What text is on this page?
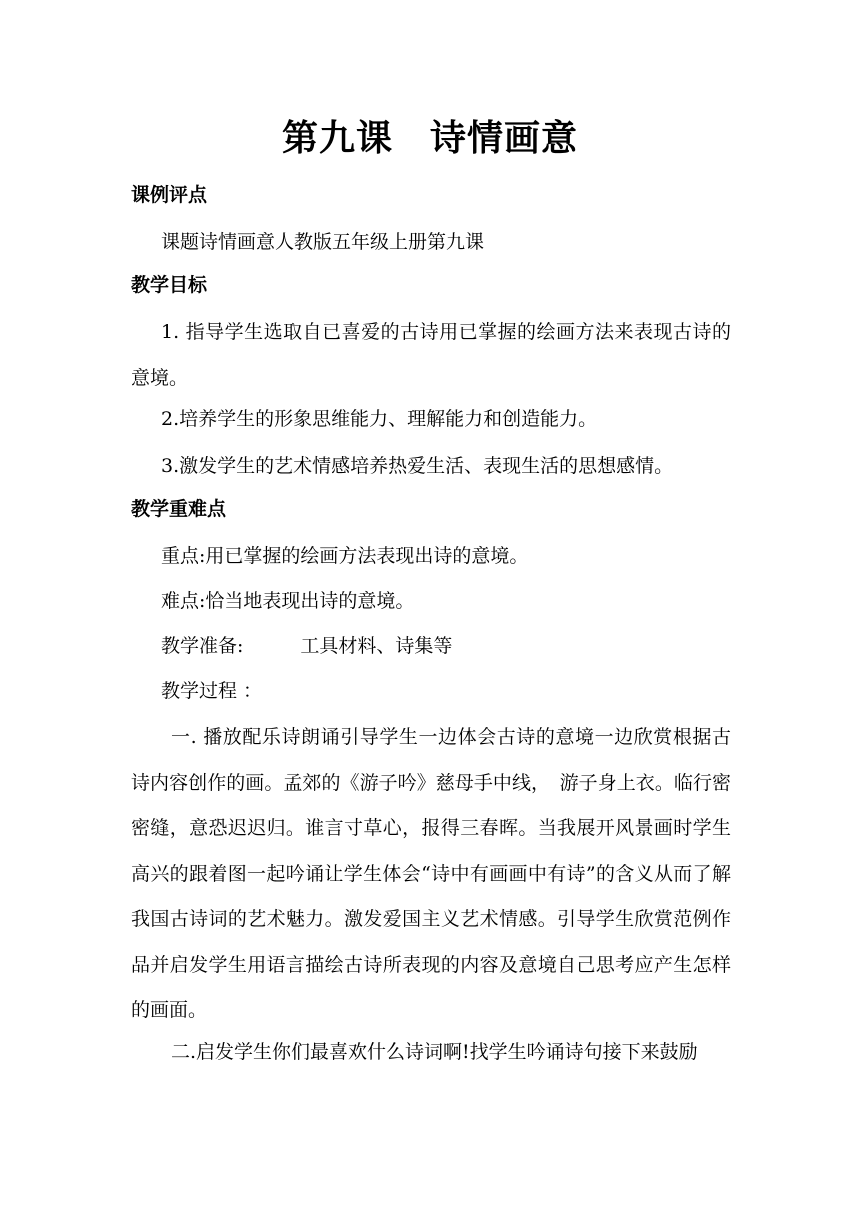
第九课　诗情画意
课例评点
课题诗情画意人教版五年级上册第九课
教学目标
1. 指导学生选取自已喜爱的古诗用已掌握的绘画方法来表现古诗的意境。
2.培养学生的形象思维能力、理解能力和创造能力。
3.激发学生的艺术情感培养热爱生活、表现生活的思想感情。
教学重难点
重点:用已掌握的绘画方法表现出诗的意境。
难点:恰当地表现出诗的意境。
教学准备:　　　工具材料、诗集等
教学过程 ：
一. 播放配乐诗朗诵引导学生一边体会古诗的意境一边欣赏根据古诗内容创作的画。孟郊的《游子吟》慈母手中线，　游子身上衣。临行密密缝，意恐迟迟归。谁言寸草心，报得三春晖。当我展开风景画时学生高兴的跟着图一起吟诵让学生体会“诗中有画画中有诗”的含义从而了解我国古诗词的艺术魅力。激发爱国主义艺术情感。引导学生欣赏范例作品并启发学生用语言描绘古诗所表现的内容及意境自己思考应产生怎样的画面。
二.启发学生你们最喜欢什么诗词啊!找学生吟诵诗句接下来鼓励
